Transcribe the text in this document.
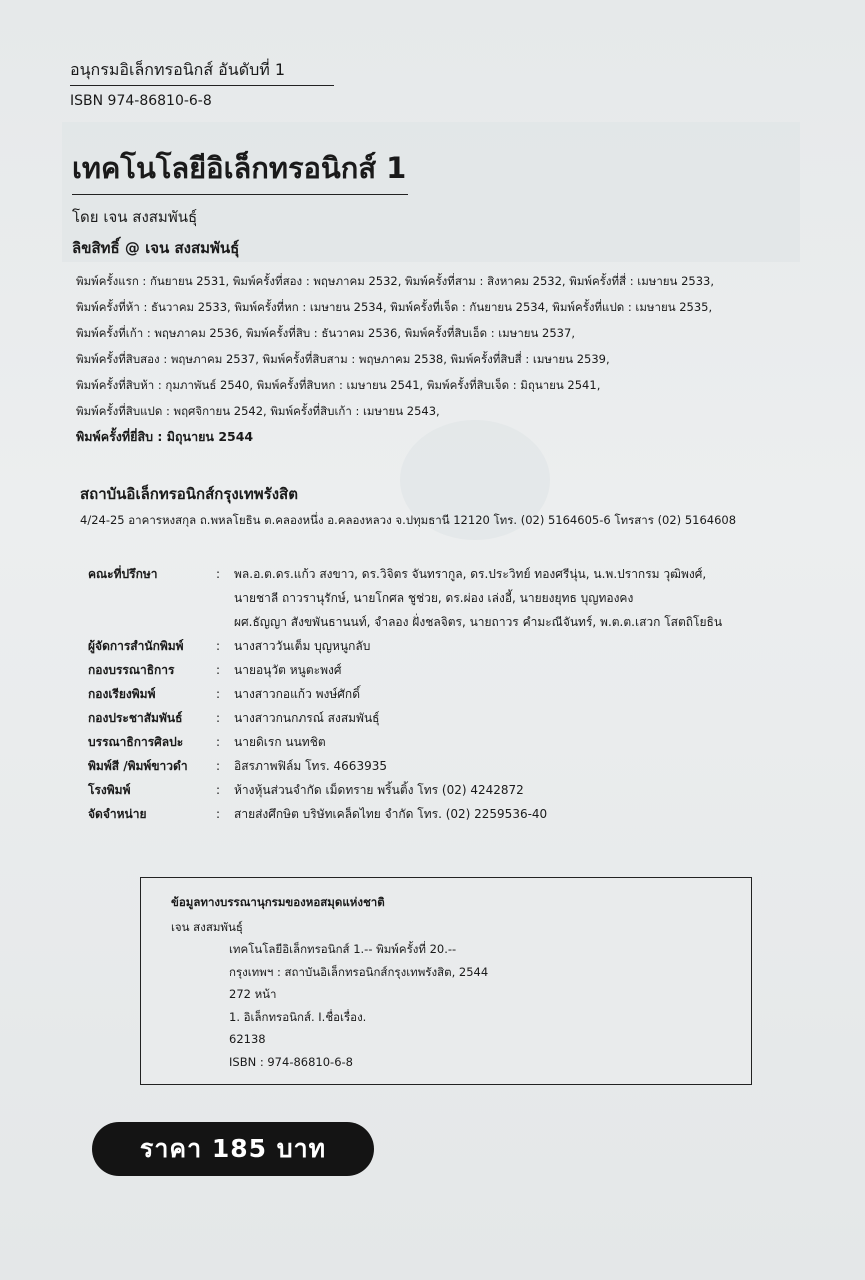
อนุกรมอิเล็กทรอนิกส์ อันดับที่ 1
ISBN 974-86810-6-8
เทคโนโลยีอิเล็กทรอนิกส์ 1
โดย เจน สงสมพันธุ์
ลิขสิทธิ์ @ เจน สงสมพันธุ์
พิมพ์ครั้งแรก : กันยายน 2531, พิมพ์ครั้งที่สอง : พฤษภาคม 2532, พิมพ์ครั้งที่สาม : สิงหาคม 2532, พิมพ์ครั้งที่สี่ : เมษายน 2533,
พิมพ์ครั้งที่ห้า : ธันวาคม 2533, พิมพ์ครั้งที่หก : เมษายน 2534, พิมพ์ครั้งที่เจ็ด : กันยายน 2534, พิมพ์ครั้งที่แปด : เมษายน 2535,
พิมพ์ครั้งที่เก้า : พฤษภาคม 2536, พิมพ์ครั้งที่สิบ : ธันวาคม 2536, พิมพ์ครั้งที่สิบเอ็ด : เมษายน 2537,
พิมพ์ครั้งที่สิบสอง : พฤษภาคม 2537, พิมพ์ครั้งที่สิบสาม : พฤษภาคม 2538, พิมพ์ครั้งที่สิบสี่ : เมษายน 2539,
พิมพ์ครั้งที่สิบห้า : กุมภาพันธ์ 2540, พิมพ์ครั้งที่สิบหก : เมษายน 2541, พิมพ์ครั้งที่สิบเจ็ด : มิถุนายน 2541,
พิมพ์ครั้งที่สิบแปด : พฤศจิกายน 2542, พิมพ์ครั้งที่สิบเก้า : เมษายน 2543,
พิมพ์ครั้งที่ยี่สิบ : มิถุนายน 2544
สถาบันอิเล็กทรอนิกส์กรุงเทพรังสิต
4/24-25 อาคารหงสกุล ถ.พหลโยธิน ต.คลองหนึ่ง อ.คลองหลวง จ.ปทุมธานี 12120 โทร. (02) 5164605-6 โทรสาร (02) 5164608
คณะที่ปรึกษา	:	พล.อ.ต.ดร.แก้ว สงขาว, ดร.วิจิตร จันทรากูล, ดร.ประวิทย์ ทองศรีนุ่น, น.พ.ปรากรม วุฒิพงศ์,
นายชาลี ถาวรานุรักษ์, นายโกศล ชูช่วย, ดร.ผ่อง เล่งอี้, นายยงยุทธ บุญทองคง
ผศ.ธัญญา สังขพันธานนท์, จำลอง ฝั่งชลจิตร, นายถาวร คำมะณีจันทร์, พ.ต.ต.เสวก โสตถิโยธิน
ผู้จัดการสำนักพิมพ์	:	นางสาววันเต็ม บุญหนูกลับ
กองบรรณาธิการ	:	นายอนุวัต หนูตะพงศ์
กองเรียงพิมพ์	:	นางสาวกอแก้ว พงษ์ศักดิ์
กองประชาสัมพันธ์	:	นางสาวกนกภรณ์ สงสมพันธุ์
บรรณาธิการศิลปะ	:	นายดิเรก นนทชิต
พิมพ์สี /พิมพ์ขาวดำ	:	อิสรภาพฟิล์ม โทร. 4663935
โรงพิมพ์	:	ห้างหุ้นส่วนจำกัด เม็ดทราย พริ้นติ้ง โทร (02) 4242872
จัดจำหน่าย	:	สายส่งศึกษิต บริษัทเคล็ดไทย จำกัด โทร. (02) 2259536-40
ข้อมูลทางบรรณานุกรมของหอสมุดแห่งชาติ
เจน สงสมพันธุ์
เทคโนโลยีอิเล็กทรอนิกส์ 1.-- พิมพ์ครั้งที่ 20.--
กรุงเทพฯ : สถาบันอิเล็กทรอนิกส์กรุงเทพรังสิต, 2544
272 หน้า
1. อิเล็กทรอนิกส์. I.ชื่อเรื่อง.
62138
ISBN : 974-86810-6-8
ราคา 185 บาท
